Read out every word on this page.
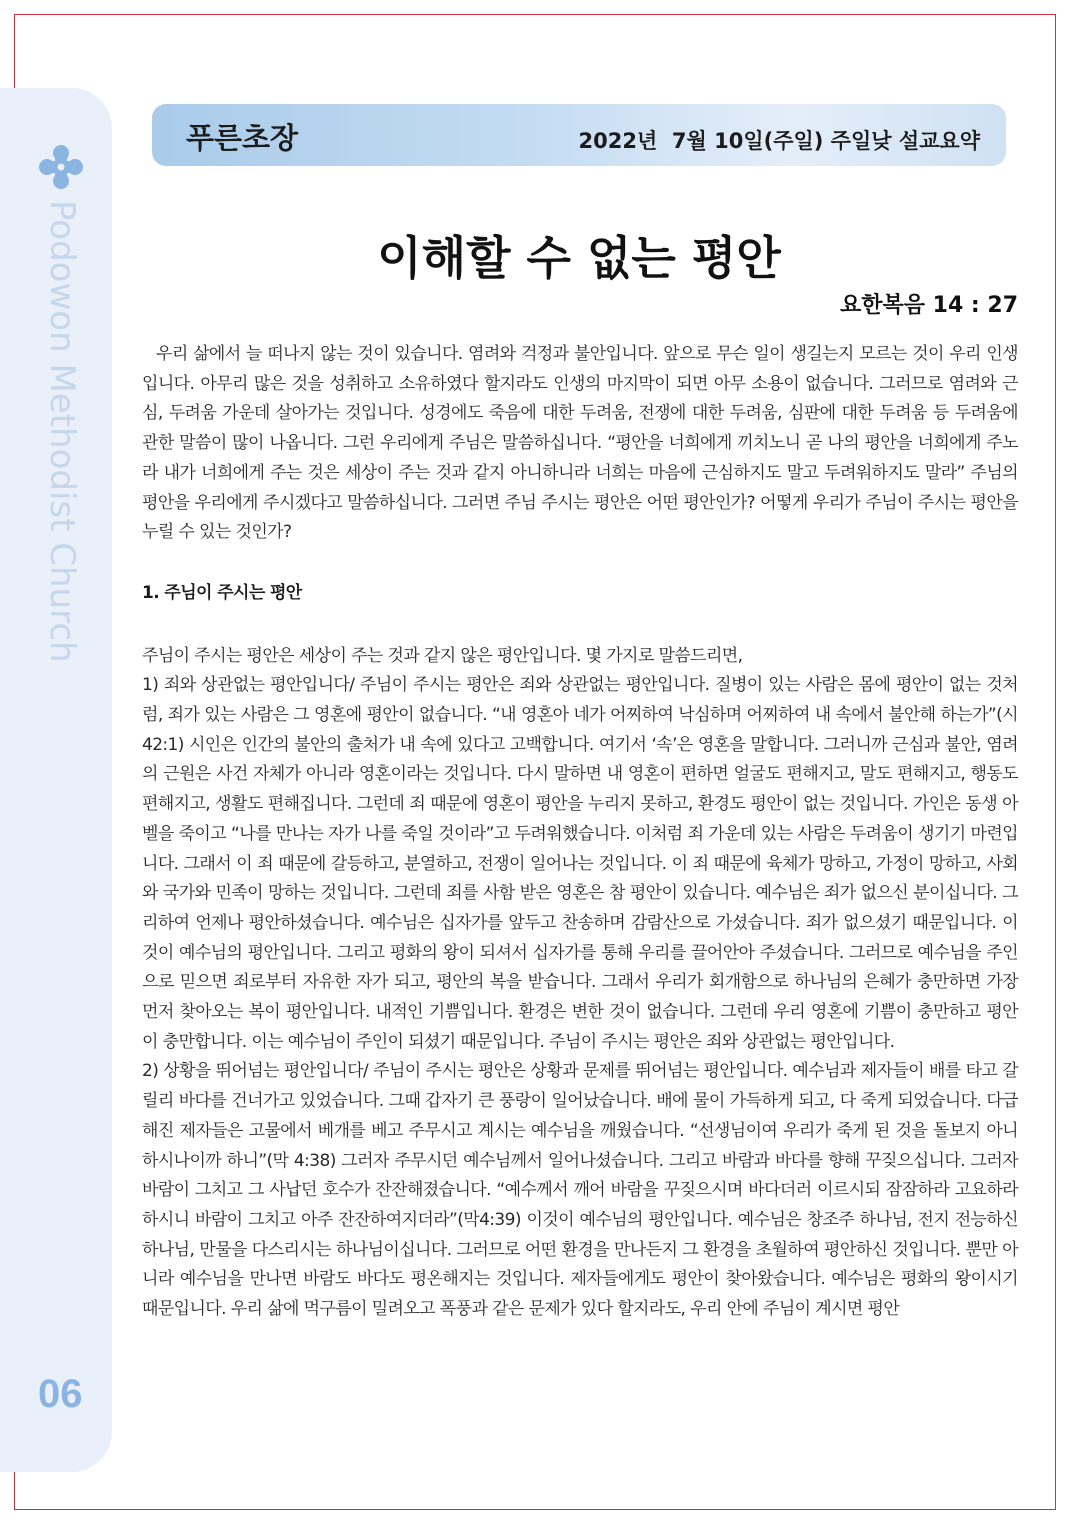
Podowon Methodist Church
06
푸른초장	2022년  7월 10일(주일) 주일낮 설교요약
이해할 수 없는 평안
요한복음 14 : 27

우리 삶에서 늘 떠나지 않는 것이 있습니다. 염려와 걱정과 불안입니다. 앞으로 무슨 일이 생길는지 모르는 것이 우리 인생입니다. 아무리 많은 것을 성취하고 소유하였다 할지라도 인생의 마지막이 되면 아무 소용이 없습니다. 그러므로 염려와 근심, 두려움 가운데 살아가는 것입니다. 성경에도 죽음에 대한 두려움, 전쟁에 대한 두려움, 심판에 대한 두려움 등 두려움에 관한 말씀이 많이 나옵니다. 그런 우리에게 주님은 말씀하십니다. “평안을 너희에게 끼치노니 곧 나의 평안을 너희에게 주노라 내가 너희에게 주는 것은 세상이 주는 것과 같지 아니하니라 너희는 마음에 근심하지도 말고 두려워하지도 말라” 주님의 평안을 우리에게 주시겠다고 말씀하십니다. 그러면 주님 주시는 평안은 어떤 평안인가? 어떻게 우리가 주님이 주시는 평안을 누릴 수 있는 것인가?

1. 주님이 주시는 평안

주님이 주시는 평안은 세상이 주는 것과 같지 않은 평안입니다. 몇 가지로 말씀드리면,

1) 죄와 상관없는 평안입니다/ 주님이 주시는 평안은 죄와 상관없는 평안입니다. 질병이 있는 사람은 몸에 평안이 없는 것처럼, 죄가 있는 사람은 그 영혼에 평안이 없습니다. “내 영혼아 네가 어찌하여 낙심하며 어찌하여 내 속에서 불안해 하는가”(시42:1) 시인은 인간의 불안의 출처가 내 속에 있다고 고백합니다. 여기서 ‘속’은 영혼을 말합니다. 그러니까 근심과 불안, 염려의 근원은 사건 자체가 아니라 영혼이라는 것입니다. 다시 말하면 내 영혼이 편하면 얼굴도 편해지고, 말도 편해지고, 행동도 편해지고, 생활도 편해집니다. 그런데 죄 때문에 영혼이 평안을 누리지 못하고, 환경도 평안이 없는 것입니다. 가인은 동생 아벨을 죽이고 “나를 만나는 자가 나를 죽일 것이라”고 두려워했습니다. 이처럼 죄 가운데 있는 사람은 두려움이 생기기 마련입니다. 그래서 이 죄 때문에 갈등하고, 분열하고, 전쟁이 일어나는 것입니다. 이 죄 때문에 육체가 망하고, 가정이 망하고, 사회와 국가와 민족이 망하는 것입니다. 그런데 죄를 사함 받은 영혼은 참 평안이 있습니다. 예수님은 죄가 없으신 분이십니다. 그리하여 언제나 평안하셨습니다. 예수님은 십자가를 앞두고 찬송하며 감람산으로 가셨습니다. 죄가 없으셨기 때문입니다. 이것이 예수님의 평안입니다. 그리고 평화의 왕이 되셔서 십자가를 통해 우리를 끌어안아 주셨습니다. 그러므로 예수님을 주인으로 믿으면 죄로부터 자유한 자가 되고, 평안의 복을 받습니다. 그래서 우리가 회개함으로 하나님의 은혜가 충만하면 가장 먼저 찾아오는 복이 평안입니다. 내적인 기쁨입니다. 환경은 변한 것이 없습니다. 그런데 우리 영혼에 기쁨이 충만하고 평안이 충만합니다. 이는 예수님이 주인이 되셨기 때문입니다. 주님이 주시는 평안은 죄와 상관없는 평안입니다.

2) 상황을 뛰어넘는 평안입니다/ 주님이 주시는 평안은 상황과 문제를 뛰어넘는 평안입니다. 예수님과 제자들이 배를 타고 갈릴리 바다를 건너가고 있었습니다. 그때 갑자기 큰 풍랑이 일어났습니다. 배에 물이 가득하게 되고, 다 죽게 되었습니다. 다급해진 제자들은 고물에서 베개를 베고 주무시고 계시는 예수님을 깨웠습니다. “선생님이여 우리가 죽게 된 것을 돌보지 아니하시나이까 하니”(막 4:38) 그러자 주무시던 예수님께서 일어나셨습니다. 그리고 바람과 바다를 향해 꾸짖으십니다. 그러자 바람이 그치고 그 사납던 호수가 잔잔해졌습니다. “예수께서 깨어 바람을 꾸짖으시며 바다더러 이르시되 잠잠하라 고요하라 하시니 바람이 그치고 아주 잔잔하여지더라”(막4:39) 이것이 예수님의 평안입니다. 예수님은 창조주 하나님, 전지 전능하신 하나님, 만물을 다스리시는 하나님이십니다. 그러므로 어떤 환경을 만나든지 그 환경을 초월하여 평안하신 것입니다. 뿐만 아니라 예수님을 만나면 바람도 바다도 평온해지는 것입니다. 제자들에게도 평안이 찾아왔습니다. 예수님은 평화의 왕이시기 때문입니다. 우리 삶에 먹구름이 밀려오고 폭풍과 같은 문제가 있다 할지라도, 우리 안에 주님이 계시면 평안
